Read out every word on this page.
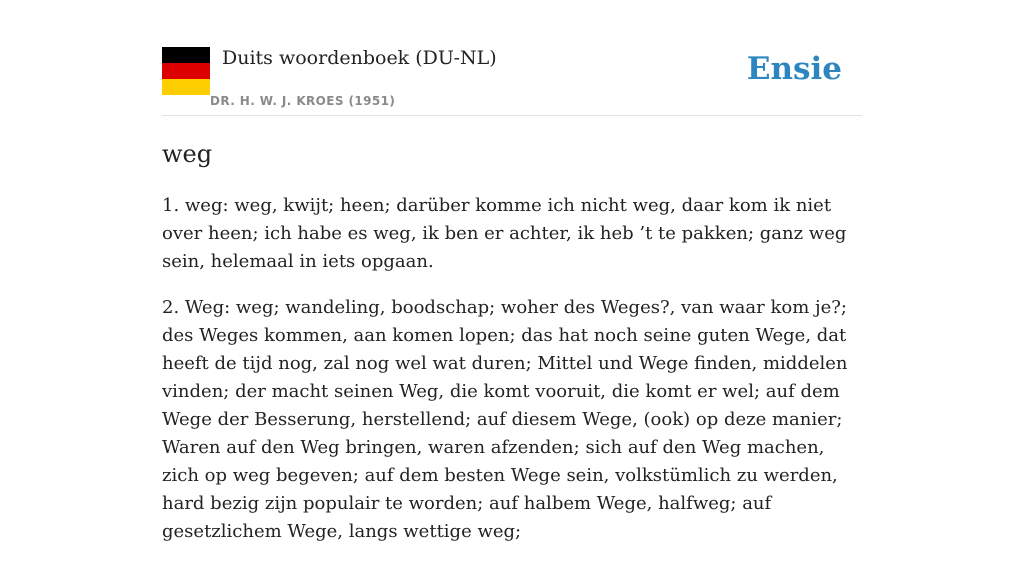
Duits woordenboek (DU-NL)
DR. H. W. J. KROES (1951)
Ensie
weg

1. weg: weg, kwijt; heen; darüber komme ich nicht weg, daar kom ik niet over heen; ich habe es weg, ik ben er achter, ik heb ’t te pakken; ganz weg sein, helemaal in iets opgaan.

2. Weg: weg; wandeling, boodschap; woher des Weges?, van waar kom je?; des Weges kommen, aan komen lopen; das hat noch seine guten Wege, dat heeft de tijd nog, zal nog wel wat duren; Mittel und Wege finden, middelen vinden; der macht seinen Weg, die komt vooruit, die komt er wel; auf dem Wege der Besserung, herstellend; auf diesem Wege, (ook) op deze manier; Waren auf den Weg bringen, waren afzenden; sich auf den Weg machen, zich op weg begeven; auf dem besten Wege sein, volkstümlich zu werden, hard bezig zijn populair te worden; auf halbem Wege, halfweg; auf gesetzlichem Wege, langs wettige weg;
